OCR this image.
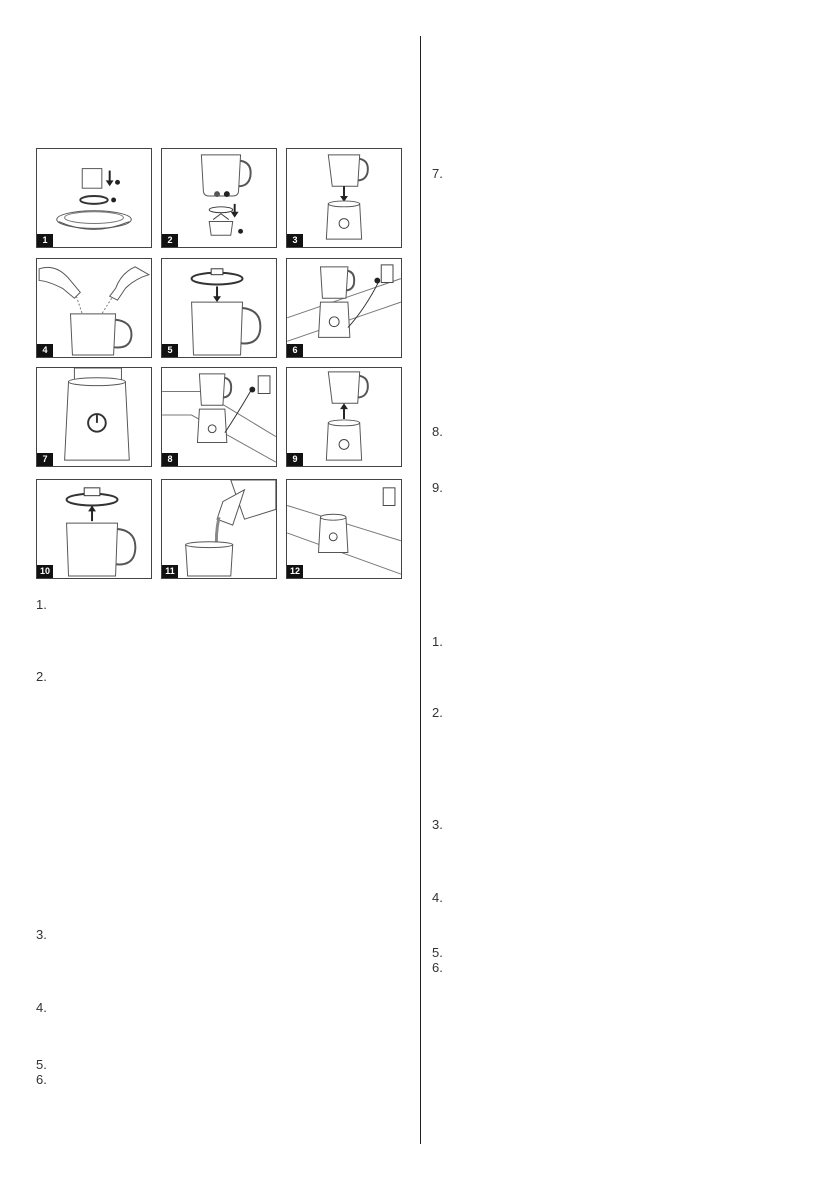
1	2	3
4	5	6
7	8	9
10	11	12
1.
2.
3.
4.
5.
6.
7.
8.
9.
1.
2.
3.
4.
5.
6.
